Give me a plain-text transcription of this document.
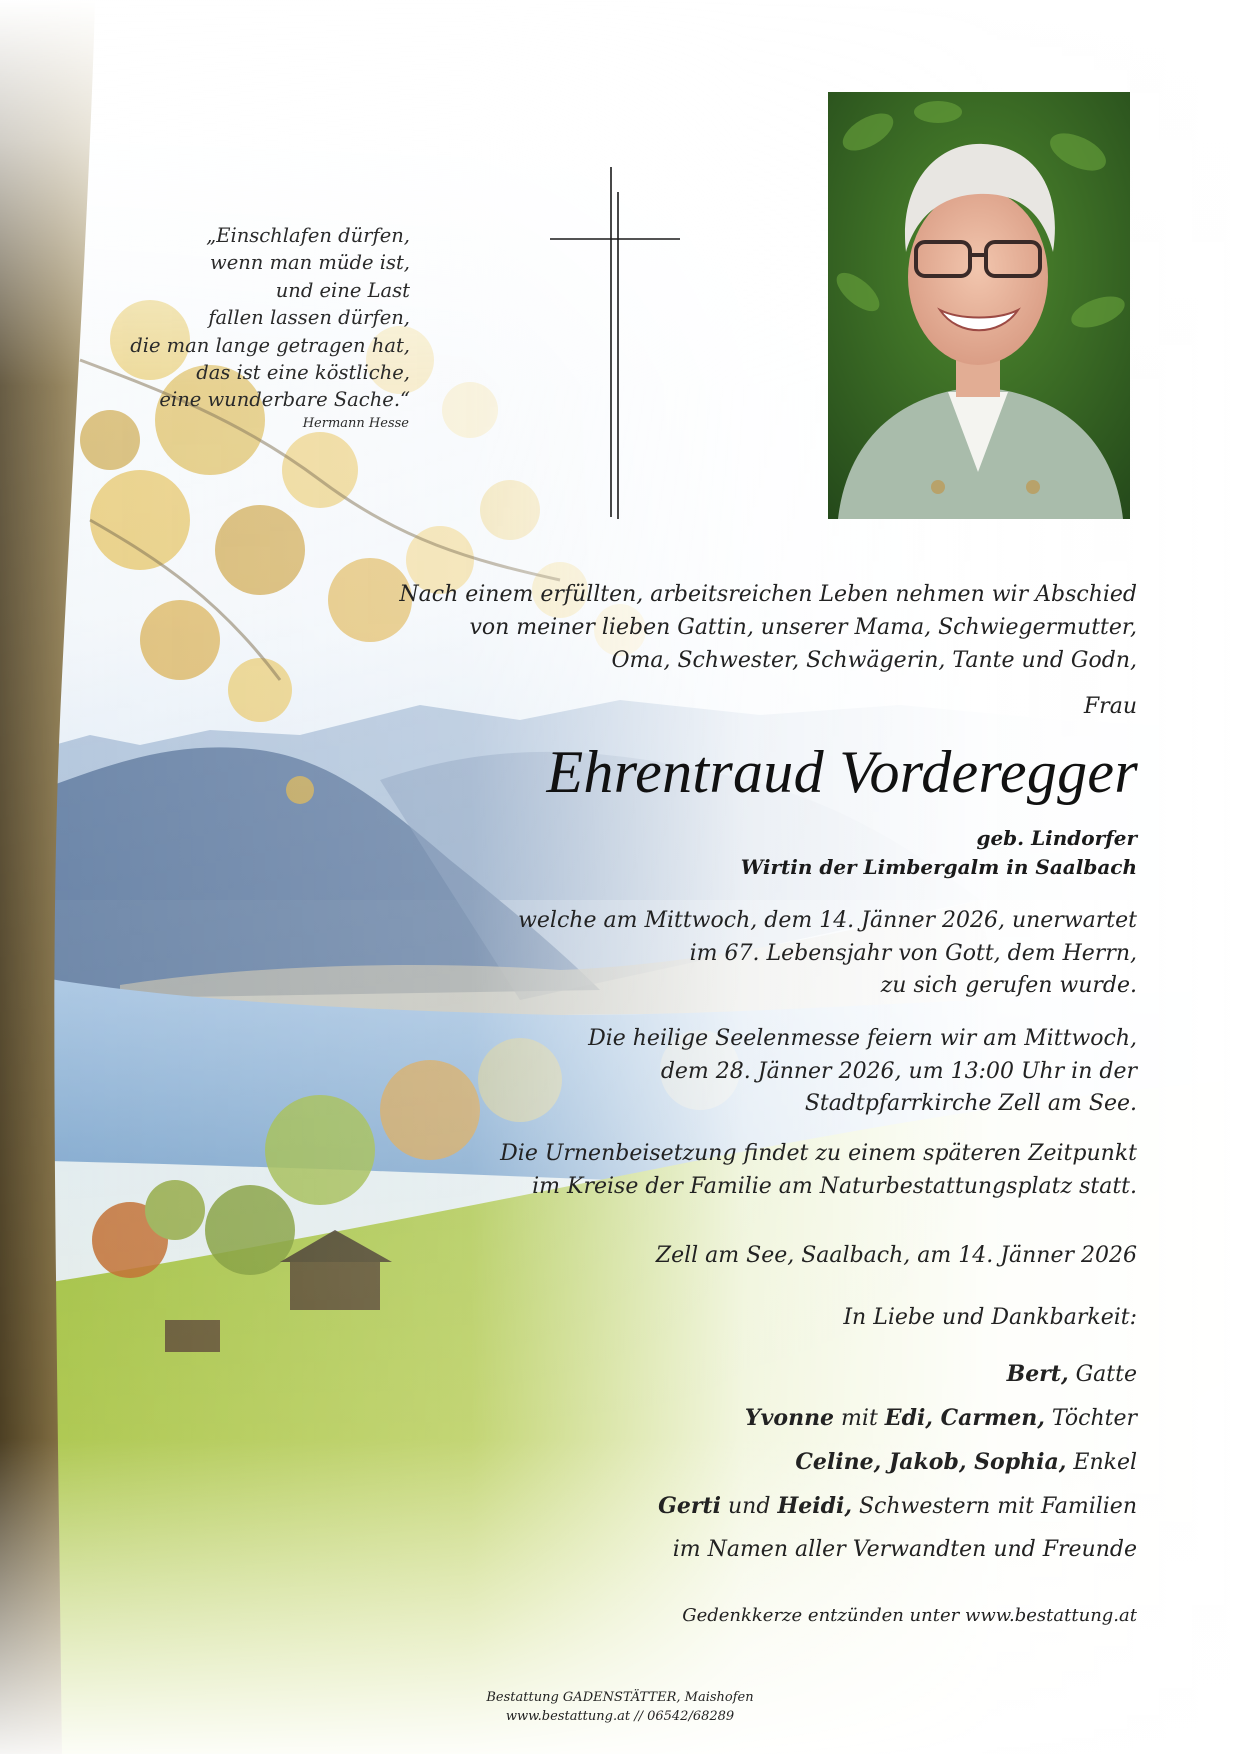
„Einschlafen dürfen,
wenn man müde ist,
und eine Last
fallen lassen dürfen,
die man lange getragen hat,
das ist eine köstliche,
eine wunderbare Sache.“
Hermann Hesse
Nach einem erfüllten, arbeitsreichen Leben nehmen wir Abschied
von meiner lieben Gattin, unserer Mama, Schwiegermutter,
Oma, Schwester, Schwägerin, Tante und Godn,
Frau
Ehrentraud Vorderegger
geb. Lindorfer
Wirtin der Limbergalm in Saalbach
welche am Mittwoch, dem 14. Jänner 2026, unerwartet
im 67. Lebensjahr von Gott, dem Herrn,
zu sich gerufen wurde.
Die heilige Seelenmesse feiern wir am Mittwoch,
dem 28. Jänner 2026, um 13:00 Uhr in der
Stadtpfarrkirche Zell am See.
Die Urnenbeisetzung findet zu einem späteren Zeitpunkt
im Kreise der Familie am Naturbestattungsplatz statt.
Zell am See, Saalbach, am 14. Jänner 2026
In Liebe und Dankbarkeit:
Bert, Gatte
Yvonne mit Edi, Carmen, Töchter
Celine, Jakob, Sophia, Enkel
Gerti und Heidi, Schwestern mit Familien
im Namen aller Verwandten und Freunde
Gedenkkerze entzünden unter www.bestattung.at
Bestattung GADENSTÄTTER, Maishofen
www.bestattung.at // 06542/68289
